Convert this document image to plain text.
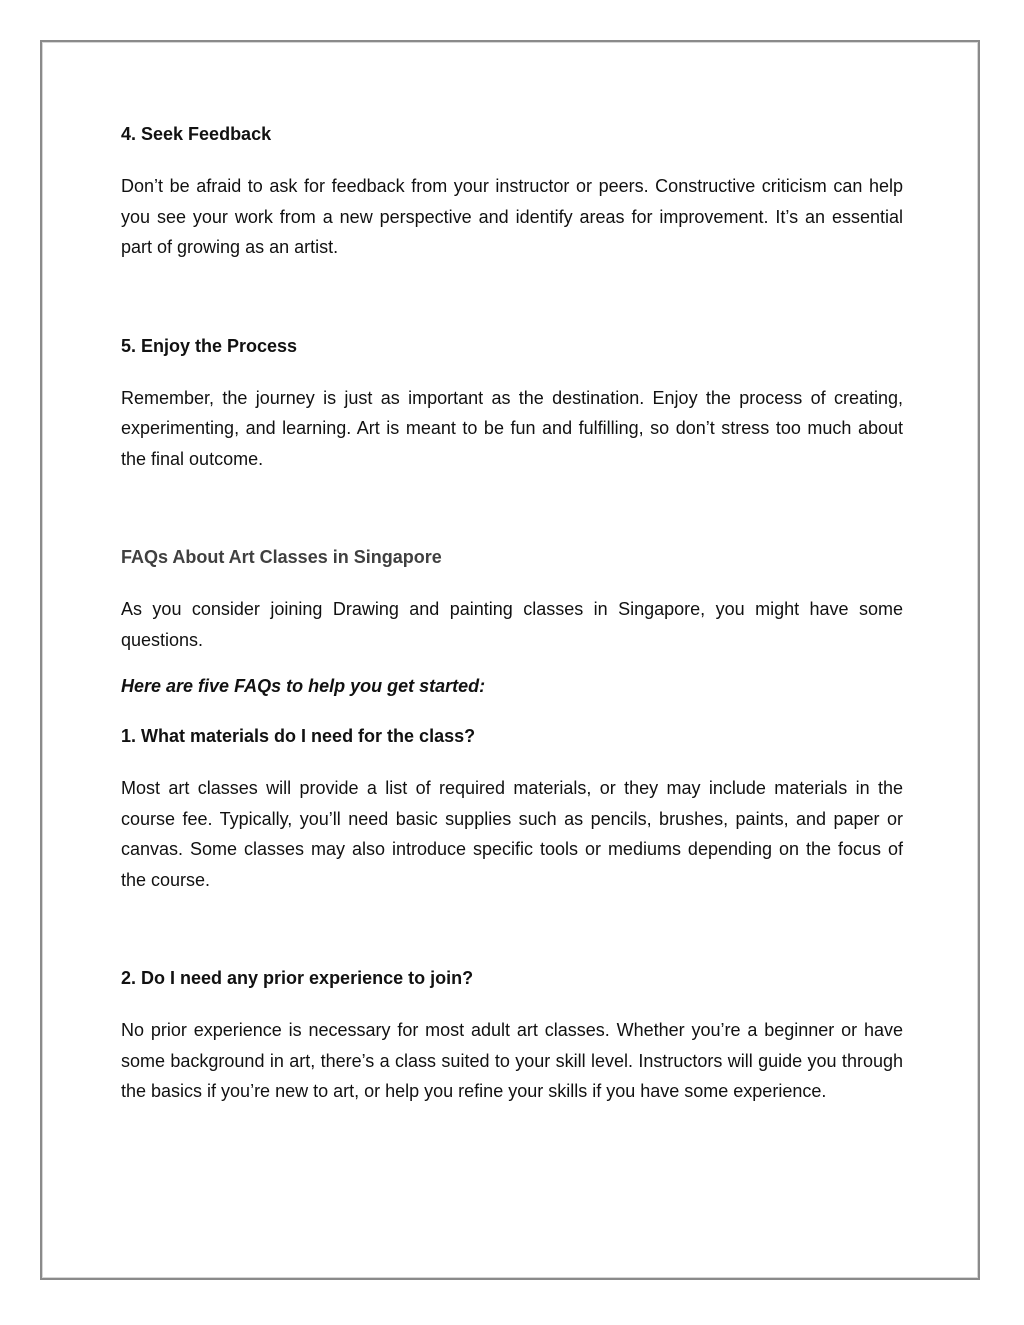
4. Seek Feedback

Don’t be afraid to ask for feedback from your instructor or peers. Constructive criticism can help you see your work from a new perspective and identify areas for improvement. It’s an essential part of growing as an artist.

5. Enjoy the Process

Remember, the journey is just as important as the destination. Enjoy the process of creating, experimenting, and learning. Art is meant to be fun and fulfilling, so don’t stress too much about the final outcome.

FAQs About Art Classes in Singapore

As you consider joining Drawing and painting classes in Singapore, you might have some questions.

Here are five FAQs to help you get started:

1. What materials do I need for the class?

Most art classes will provide a list of required materials, or they may include materials in the course fee. Typically, you’ll need basic supplies such as pencils, brushes, paints, and paper or canvas. Some classes may also introduce specific tools or mediums depending on the focus of the course.

2. Do I need any prior experience to join?

No prior experience is necessary for most adult art classes. Whether you’re a beginner or have some background in art, there’s a class suited to your skill level. Instructors will guide you through the basics if you’re new to art, or help you refine your skills if you have some experience.
